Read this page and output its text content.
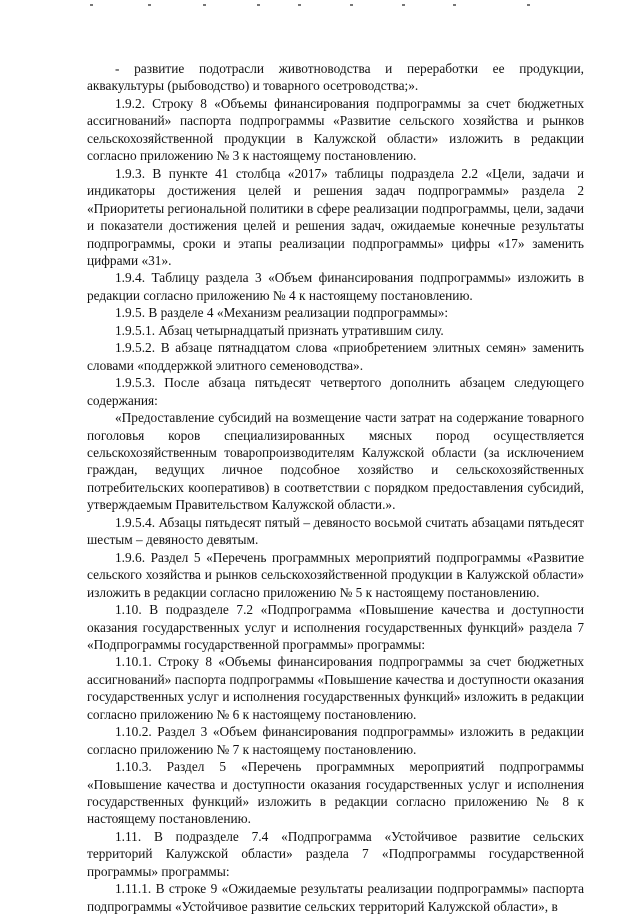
- развитие подотрасли животноводства и переработки ее продукции, аквакультуры (рыбоводство) и товарного осетроводства;».

1.9.2. Строку 8 «Объемы финансирования подпрограммы за счет бюджетных ассигнований» паспорта подпрограммы «Развитие сельского хозяйства и рынков сельскохозяйственной продукции в Калужской области» изложить в редакции согласно приложению № 3 к настоящему постановлению.

1.9.3. В пункте 41 столбца «2017» таблицы подраздела 2.2 «Цели, задачи и индикаторы достижения целей и решения задач подпрограммы» раздела 2 «Приоритеты региональной политики в сфере реализации подпрограммы, цели, задачи и показатели достижения целей и решения задач, ожидаемые конечные результаты подпрограммы, сроки и этапы реализации подпрограммы» цифры «17» заменить цифрами «31».

1.9.4. Таблицу раздела 3 «Объем финансирования подпрограммы» изложить в редакции согласно приложению № 4 к настоящему постановлению.

1.9.5. В разделе 4 «Механизм реализации подпрограммы»:

1.9.5.1. Абзац четырнадцатый признать утратившим силу.

1.9.5.2. В абзаце пятнадцатом слова «приобретением элитных семян» заменить словами «поддержкой элитного семеноводства».

1.9.5.3. После абзаца пятьдесят четвертого дополнить абзацем следующего содержания:

«Предоставление субсидий на возмещение части затрат на содержание товарного поголовья коров специализированных мясных пород осуществляется сельскохозяйственным товаропроизводителям Калужской области (за исключением граждан, ведущих личное подсобное хозяйство и сельскохозяйственных потребительских кооперативов) в соответствии с порядком предоставления субсидий, утверждаемым Правительством Калужской области.».

1.9.5.4. Абзацы пятьдесят пятый – девяносто восьмой считать абзацами пятьдесят шестым – девяносто девятым.

1.9.6. Раздел 5 «Перечень программных мероприятий подпрограммы «Развитие сельского хозяйства и рынков сельскохозяйственной продукции в Калужской области» изложить в редакции согласно приложению № 5 к настоящему постановлению.

1.10. В подразделе 7.2 «Подпрограмма «Повышение качества и доступности оказания государственных услуг и исполнения государственных функций» раздела 7 «Подпрограммы государственной программы» программы:

1.10.1. Строку 8 «Объемы финансирования подпрограммы за счет бюджетных ассигнований» паспорта подпрограммы «Повышение качества и доступности оказания государственных услуг и исполнения государственных функций» изложить в редакции согласно приложению № 6 к настоящему постановлению.

1.10.2. Раздел 3 «Объем финансирования подпрограммы» изложить в редакции согласно приложению № 7 к настоящему постановлению.

1.10.3. Раздел 5 «Перечень программных мероприятий подпрограммы «Повышение качества и доступности оказания государственных услуг и исполнения государственных функций» изложить в редакции согласно приложению № 8 к настоящему постановлению.

1.11. В подразделе 7.4 «Подпрограмма «Устойчивое развитие сельских территорий Калужской области» раздела 7 «Подпрограммы государственной программы» программы:

1.11.1. В строке 9 «Ожидаемые результаты реализации подпрограммы» паспорта подпрограммы «Устойчивое развитие сельских территорий Калужской области», в
